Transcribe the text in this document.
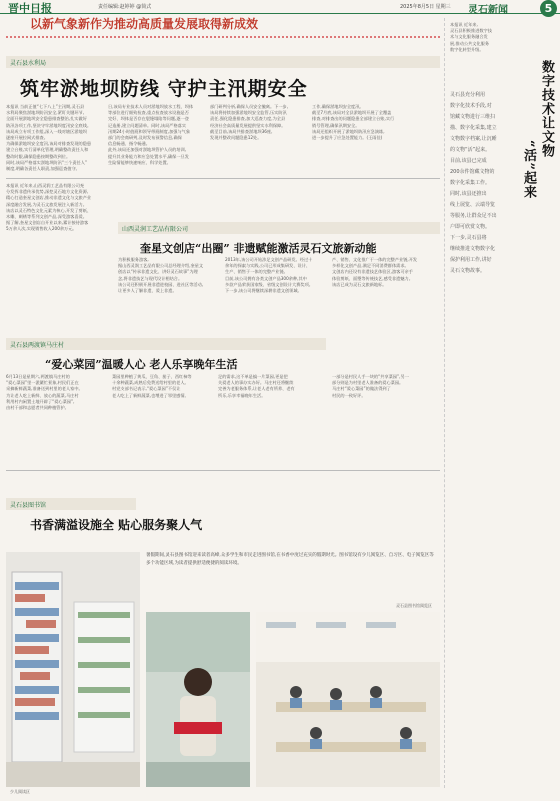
晋中日报	责任编辑:赵婷婷 @简式	2025年8月5日 星期三 灵石新闻	5
以新气象新作为推动高质量发展取得新成效
灵石县水利局
筑牢淤地坝防线 守护主汛期安全
本报讯 当前正值“七下八上”主汛期,灵石县
水利局聚焦淤地坝防汛安全,紧盯关键环节,
全面开展淤地坝安全隐患排查整治,扎实做好
防汛各项工作,坚决守牢淤地坝度汛安全底线。
该局成立专项工作组,深入一线对辖区淤地坝
逐座开展拉网式排查。
为确保淤地坝安全度汛,该局对排查发现的隐患
建立台账,实行清单化管理,明确整改责任人和
整改时限,确保隐患按期整改到位。
同时,该局严格落实淤地坝防汛“三个责任人”
制度,明确各责任人职责,加强巡查值守。
日,该局专业技术人员对淤地坝放水工程、坝体
等部位进行细致检查,重点检查放水设施是否
完好、坝体是否存在裂缝塌陷等问题,逐一登
记造册,建立问题清单。同时,该局严格落实
汛期24小时值班和领导带班制度,加强与气象
部门的会商研判,及时发布预警信息,确保
信息畅通、指令畅通。
此外,该局还加强对淤地坝管护人员的培训,
提升其业务能力和应急处置水平,确保一旦发
生险情能够快速响应、科学处置。
部门研判分析,确保人员安全撤离。下一步,
该局将持续加强淤地坝安全监管,压实防汛
责任,强化隐患排查,加大巡查力度,为全县
经济社会高质量发展提供坚实水利保障。
截至目前,该局共排查淤地坝36座,
发现并整改问题隐患12处。
工作,确保淤地坝安全度汛。
截至7月底,该局对全县淤地坝开展了全覆盖
排查,对排查出的问题隐患全部建立台账,实行
销号管理,确保汛期安全。
该局还组织开展了淤地坝防汛应急演练,
进一步提升了应急处置能力。(王雨佳)
本报讯 近年来,山西灵润工艺品有限公司充
分发挥非遗传承优势,深挖灵石地方文化资源,
精心打造奎星文创店,推动非遗文化与文旅产业
深度融合发展,为灵石文旅发展注入新活力。
该店以灵石特色文化元素为核心,开发了剪纸、
木雕、刺绣等系列文创产品,深受游客喜爱。
据了解,奎星文创店自开业以来,累计接待游客
5万余人次,实现销售收入200余万元。	山西灵润工艺品有限公司
奎星文创店“出圈” 非遗赋能激活灵石文旅新动能
为积极服务游客,
据山西灵润工艺品有限公司总经理介绍,奎星文
创店以“传承非遗文化、讲好灵石故事”为理
念,将非遗技艺与现代设计相结合。
该公司还积极开展非遗进校园、进社区等活动,
让更多人了解非遗、爱上非遗。
2013年,该公司开始涉足文创产品研发。经过十
余年的探索与实践,公司已形成集研发、设计、
生产、销售于一体的完整产业链。
目前,该公司拥有各类文创产品300余种,其中
多款产品荣获国家级、省级文创设计大赛奖项。
下一步,该公司将继续深耕非遗文创领域。
产、销售、文化推广于一体的完整产业链,开发
多样化文创产品,满足不同消费群体需求。
文创店内还设有非遗技艺体验区,游客可亲手
体验剪纸、面塑等传统技艺,感受非遗魅力。
该店已成为灵石文旅新地标。
灵石县两渡镇马庄村
“爱心菜园”温暖人心 老人乐享晚年生活
6月13日是星期六,两渡镇马庄村的
“爱心菜园”里一派繁忙景象,村民们正在
采摘新鲜蔬菜,准备送到村里的老人家中。
为让老人吃上新鲜、放心的蔬菜,马庄村
利用村内闲置土地开辟了“爱心菜园”,
由村干部和志愿者共同种植管护。
菜园里种植了黄瓜、豆角、茄子、西红柿等
十余种蔬菜,成熟后免费送给村里的老人。
村党支部书记表示,“爱心菜园”不仅让
老人吃上了新鲜蔬菜,也增进了邻里感情。
足的需求,这不单是搞一片菜园,更是把
关爱老人的事办实办好。马庄村还将继续
完善为老服务体系,让老人老有所养、老有
所乐,乐享幸福晚年生活。
一部分是村民人手一块的“共享菜园”,另一
部分则是为村里老人准备的爱心菜园。
马庄村“爱心菜园”的做法得到了
村民的一致好评。
灵石县图书馆
书香满溢设施全 贴心服务聚人气
少儿阅读区
暑假期间,灵石县图书馆迎来读者高峰,众多学生和市民走进图书馆,在书香中度过充实的假期时光。图书馆设有少儿阅览区、自习区、电子阅览区等多个功能区域,为读者提供舒适便捷的阅读环境。
灵石县图书馆阅览区
本报讯 近年来,
灵石县积极推进数字技
术与文化服务融合发
展,推动公共文化服务
数字化转型升级。
数字技术让文物
“活”起来
灵石县充分利用
数字化技术手段,对
馆藏文物进行三维扫
描、数字化采集,建立
文物数字档案,让沉睡
的文物“活”起来。
目前,该县已完成
200余件馆藏文物的
数字化采集工作。
同时,该县还推出
线上展览、云端导览
等服务,让群众足不出
户即可欣赏文物。
下一步,灵石县将
继续推进文物数字化
保护利用工作,讲好
灵石文物故事。
